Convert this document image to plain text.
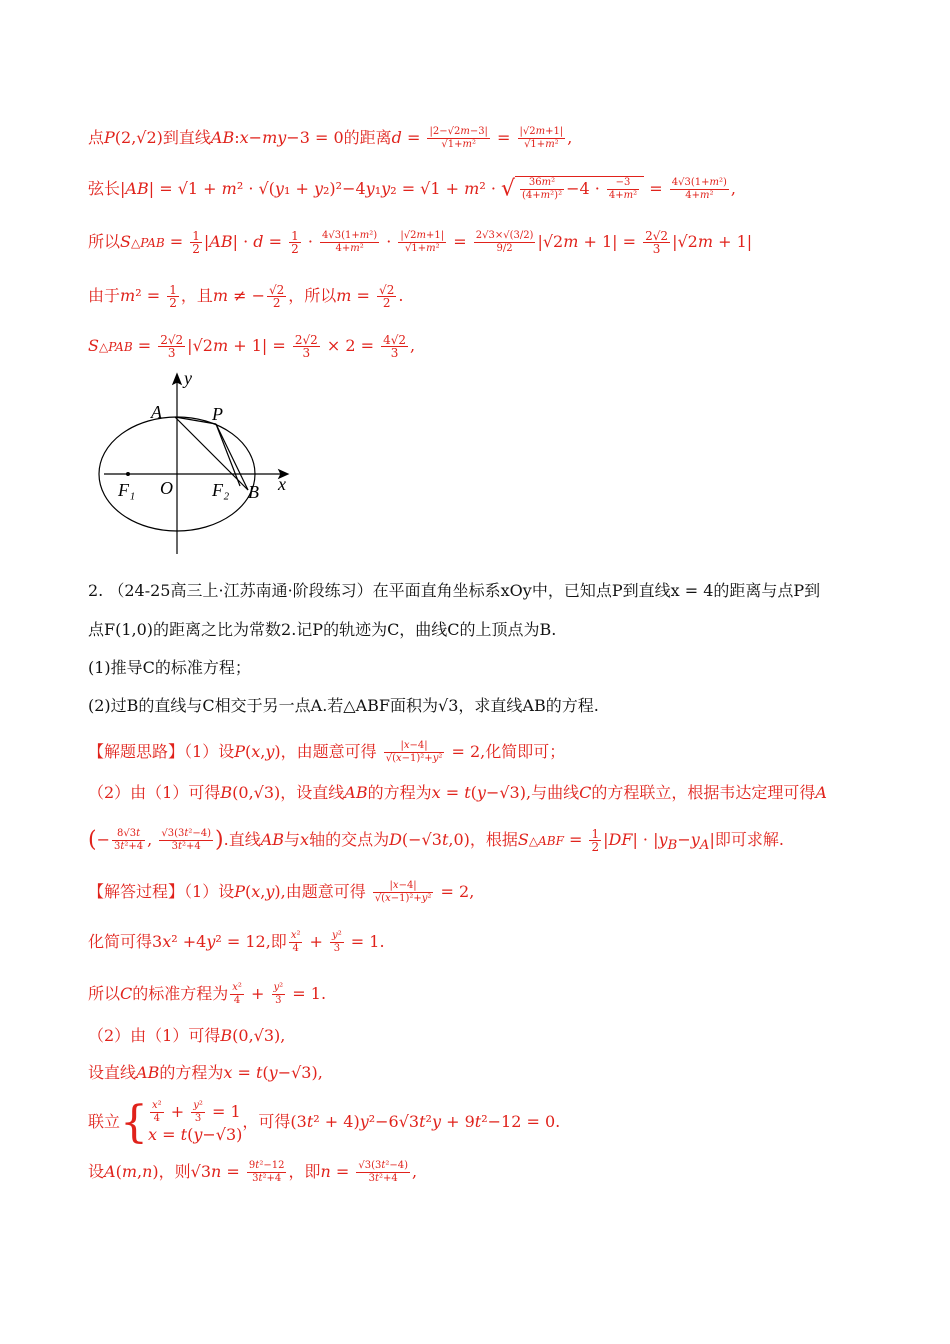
点P(2,√2)到直线AB:x−my−3 = 0的距离$d = \frac{|2-√2m-3|}{\text{√1+m²}} = \frac{|√2m+1|}{\text{√1+m²}}$ ,
弦长|AB| = √1 + m² · √(y₁ + y₂)²−4y₁y₂ = √1 + m² · √ $\frac{\text{36m²}}{\text{(4+m²)²}} -4 \cdot \frac{-3}{\text{4+m²}} = \frac{\text{4√3(1+m²)}}{\text{4+m²}}$ ,
所以S△PAB = $\frac{1}{2} |AB| \cdot d = \frac{1}{2} \cdot \frac{\text{4√3(1+m²)}}{\text{4+m²}} \cdot \frac{|√2m+1|}{\text{√1+m²}} = \frac{2√3\times√(3/2)}{9/2} |√2m + 1| = \frac{2√2}{3} |√2m + 1|$
由于$m^2 = \frac{1}{2}$ ，且m ≠ − $\frac{√2}{2}$ ，所以$m = \frac{√2}{2}$ .
S△PAB = $\frac{2√2}{3} |√2m + 1| = \frac{2√2}{3} \times 2 = \frac{4√2}{3}$ ,
y
A	P
F₁ O F₂ B x
2. （24-25高三上·江苏南通·阶段练习）在平面直角坐标系xOy中，已知点P到直线x = 4的距离与点P到
点F(1,0)的距离之比为常数2.记P的轨迹为C，曲线C的上顶点为B.
(1)推导C的标准方程；
(2)过B的直线与C相交于另一点A.若△ABF面积为√3，求直线AB的方程.
【解题思路】（1）设P(x,y)，由题意可得 $\frac{|x-4|}{\text{√(x−1)²+y²}} = 2$,化简即可；
（2）由（1）可得B(0,√3)，设直线AB的方程为x = t(y−√3),与曲线C的方程联立，根据韦达定理可得A
(− $\frac{8√3t}{\text{3t²+4}}$ , $\frac{\text{√3(3t²−4)}}{\text{3t²+4}}$ ).直线AB与x轴的交点为D(−√3t,0)，根据S△ABF = $\frac{1}{2} |DF| \cdot |y_B-y_A|$即可求解.
【解答过程】（1）设P(x,y),由题意可得 $\frac{|x-4|}{\text{√(x−1)²+y²}} = 2$,
化简可得3x² +4y² = 12,即 $\frac{\text{x²}}{4} + \frac{\text{y²}}{3} = 1$.
所以C的标准方程为 $\frac{\text{x²}}{4} + \frac{\text{y²}}{3} = 1$.
（2）由（1）可得B(0,√3),
设直线AB的方程为x = t(y−√3),
联立{ $\frac{\text{x²}}{4} + \frac{\text{y²}}{3} = 1$
x = t(y−√3)，可得(3t² + 4)y²−6√3t²y + 9t²−12 = 0.
设A(m,n)，则$√3n = \frac{\text{9t²−12}}{\text{3t²+4}}$ ，即$n = \frac{\text{√3(3t²−4)}}{\text{3t²+4}}$ ,
